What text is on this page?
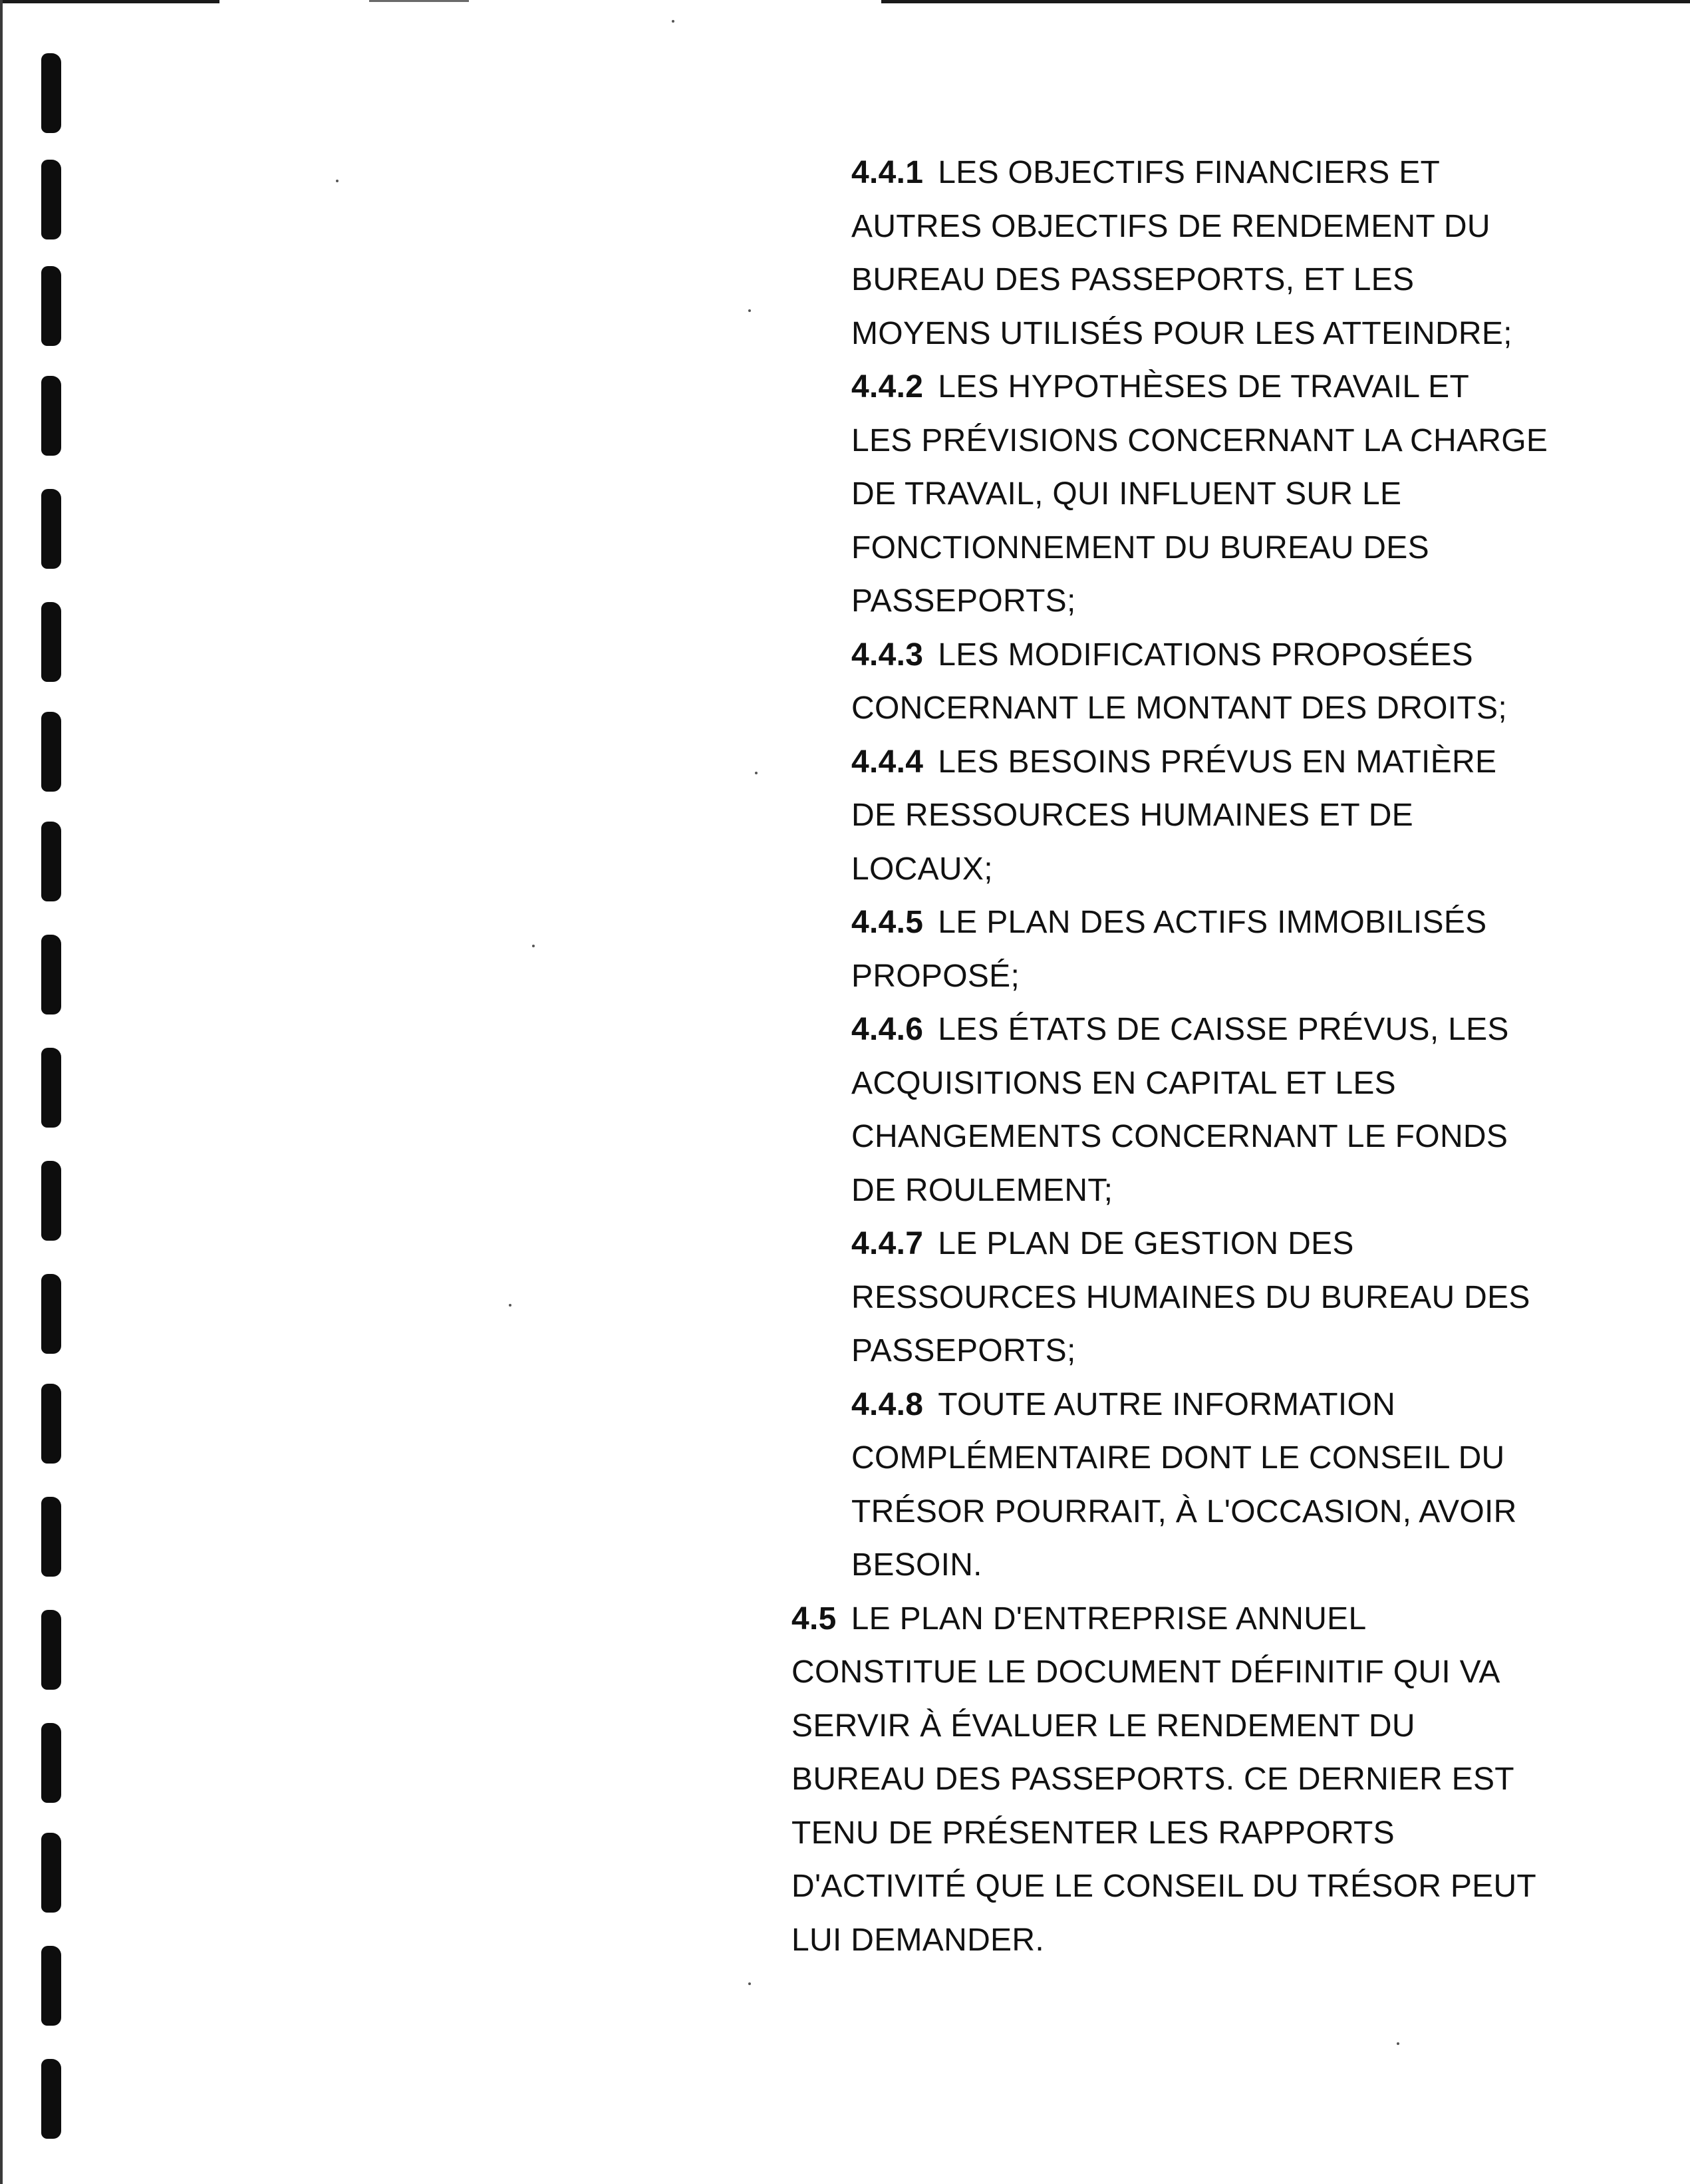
4.4.1 LES OBJECTIFS FINANCIERS ET
AUTRES OBJECTIFS DE RENDEMENT DU
BUREAU DES PASSEPORTS, ET LES
MOYENS UTILISÉS POUR LES ATTEINDRE;
4.4.2 LES HYPOTHÈSES DE TRAVAIL ET
LES PRÉVISIONS CONCERNANT LA CHARGE
DE TRAVAIL, QUI INFLUENT SUR LE
FONCTIONNEMENT DU BUREAU DES
PASSEPORTS;
4.4.3 LES MODIFICATIONS PROPOSÉES
CONCERNANT LE MONTANT DES DROITS;
4.4.4 LES BESOINS PRÉVUS EN MATIÈRE
DE RESSOURCES HUMAINES ET DE
LOCAUX;
4.4.5 LE PLAN DES ACTIFS IMMOBILISÉS
PROPOSÉ;
4.4.6 LES ÉTATS DE CAISSE PRÉVUS, LES
ACQUISITIONS EN CAPITAL ET LES
CHANGEMENTS CONCERNANT LE FONDS
DE ROULEMENT;
4.4.7 LE PLAN DE GESTION DES
RESSOURCES HUMAINES DU BUREAU DES
PASSEPORTS;
4.4.8 TOUTE AUTRE INFORMATION
COMPLÉMENTAIRE DONT LE CONSEIL DU
TRÉSOR POURRAIT, À L'OCCASION, AVOIR
BESOIN.
4.5 LE PLAN D'ENTREPRISE ANNUEL
CONSTITUE LE DOCUMENT DÉFINITIF QUI VA
SERVIR À ÉVALUER LE RENDEMENT DU
BUREAU DES PASSEPORTS. CE DERNIER EST
TENU DE PRÉSENTER LES RAPPORTS
D'ACTIVITÉ QUE LE CONSEIL DU TRÉSOR PEUT
LUI DEMANDER.
